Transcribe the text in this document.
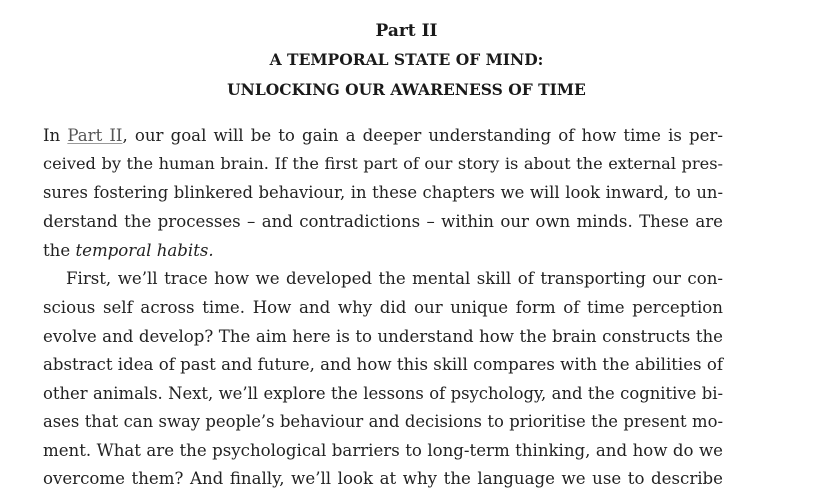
Part II
A TEMPORAL STATE OF MIND:
UNLOCKING OUR AWARENESS OF TIME
In Part II, our goal will be to gain a deeper understanding of how time is per-
ceived by the human brain. If the first part of our story is about the external pres-
sures fostering blinkered behaviour, in these chapters we will look inward, to un-
derstand the processes – and contradictions – within our own minds. These are
the temporal habits.
First, we’ll trace how we developed the mental skill of transporting our con-
scious self across time. How and why did our unique form of time perception
evolve and develop? The aim here is to understand how the brain constructs the
abstract idea of past and future, and how this skill compares with the abilities of
other animals. Next, we’ll explore the lessons of psychology, and the cognitive bi-
ases that can sway people’s behaviour and decisions to prioritise the present mo-
ment. What are the psychological barriers to long-term thinking, and how do we
overcome them? And finally, we’ll look at why the language we use to describe
